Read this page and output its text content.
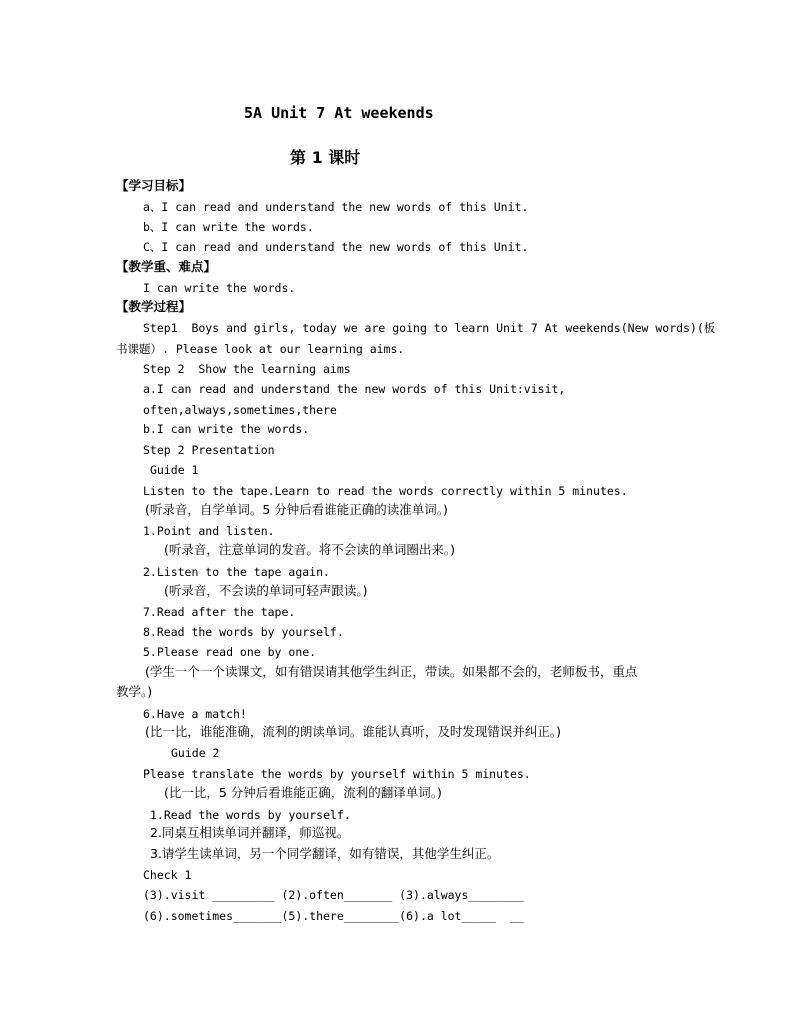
5A Unit 7 At weekends
第 1 课时
【学习目标】
a、I can read and understand the new words of this Unit.
b、I can write the words.
C、I can read and understand the new words of this Unit.
【教学重、难点】
I can write the words.
【教学过程】
Step1  Boys and girls, today we are going to learn Unit 7 At weekends(New words)(板
书课题）. Please look at our learning aims.
Step 2  Show the learning aims
a.I can read and understand the new words of this Unit:visit,
often,always,sometimes,there
b.I can write the words.
Step 2 Presentation
Guide 1
Listen to the tape.Learn to read the words correctly within 5 minutes.
(听录音，自学单词。5 分钟后看谁能正确的读准单词。)
1.Point and listen.
(听录音，注意单词的发音。将不会读的单词圈出来。)
2.Listen to the tape again.
(听录音，不会读的单词可轻声跟读。)
7.Read after the tape.
8.Read the words by yourself.
5.Please read one by one.
(学生一个一个读课文，如有错误请其他学生纠正，带读。如果都不会的，老师板书，重点
教学。)
6.Have a match!
(比一比，谁能准确，流利的朗读单词。谁能认真听，及时发现错误并纠正。)
Guide 2
Please translate the words by yourself within 5 minutes.
(比一比，5 分钟后看谁能正确，流利的翻译单词。)
1.Read the words by yourself.
2.同桌互相读单词并翻译，师巡视。
3.请学生读单词，另一个同学翻译，如有错误，其他学生纠正。
Check 1
(3).visit _________ (2).often_______ (3).always________
(6).sometimes_______(5).there________(6).a lot_____  __
